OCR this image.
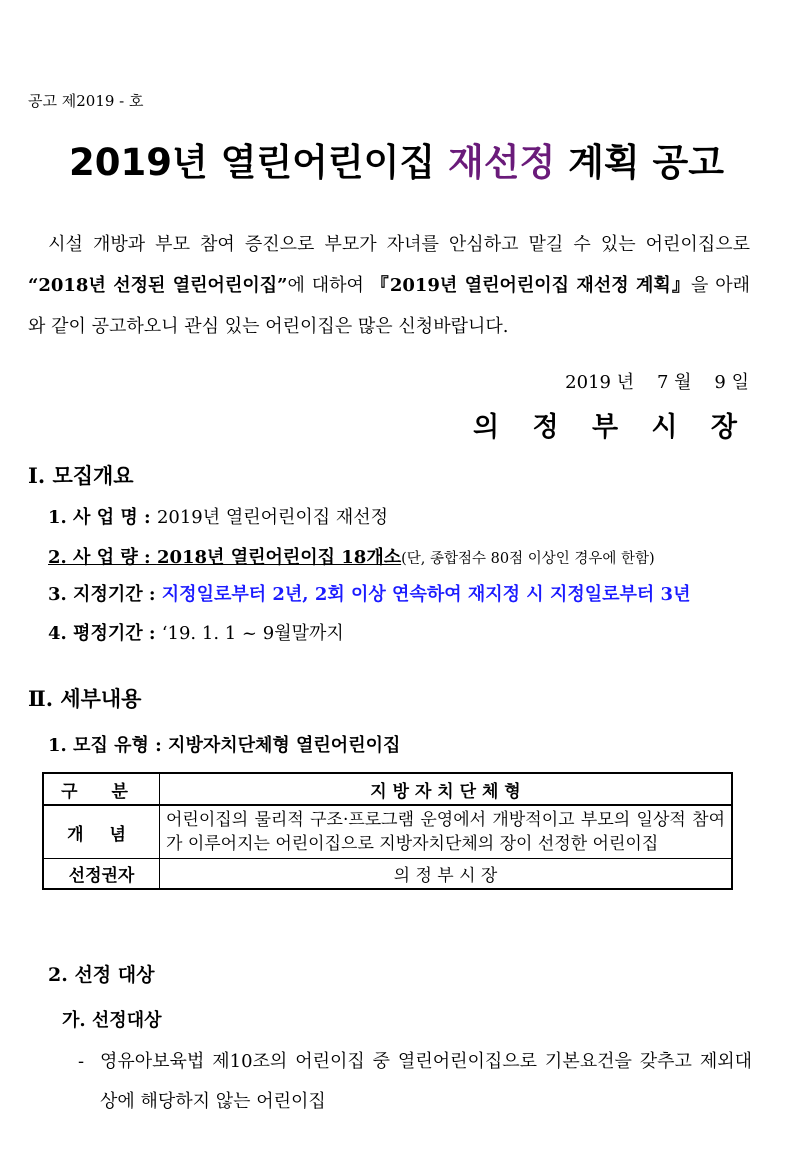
공고 제2019 - 호
2019년 열린어린이집 재선정 계획 공고

시설 개방과 부모 참여 증진으로 부모가 자녀를 안심하고 맡길 수 있는 어린이집으로 “2018년 선정된 열린어린이집”에 대하여 『2019년 열린어린이집 재선정 계획』을 아래와 같이 공고하오니 관심 있는 어린이집은 많은 신청바랍니다.

2019 년    7 월    9 일
의 정 부 시 장
Ⅰ. 모집개요
1. 사 업 명 : 2019년 열린어린이집 재선정
2. 사 업 량 : 2018년 열린어린이집 18개소(단, 종합점수 80점 이상인 경우에 한함)
3. 지정기간 : 지정일로부터 2년, 2회 이상 연속하여 재지정 시 지정일로부터 3년
4. 평정기간 : ‘19. 1. 1 ~ 9월말까지
Ⅱ. 세부내용
1. 모집 유형 : 지방자치단체형 열린어린이집
구 분	지 방 자 치 단 체 형
개 념	어린이집의 물리적 구조·프로그램 운영에서 개방적이고 부모의 일상적 참여가 이루어지는 어린이집으로 지방자치단체의 장이 선정한 어린이집
선정권자	의 정 부 시 장
2. 선정 대상
가. 선정대상
- 영유아보육법 제10조의 어린이집 중 열린어린이집으로 기본요건을 갖추고 제외대상에 해당하지 않는 어린이집
